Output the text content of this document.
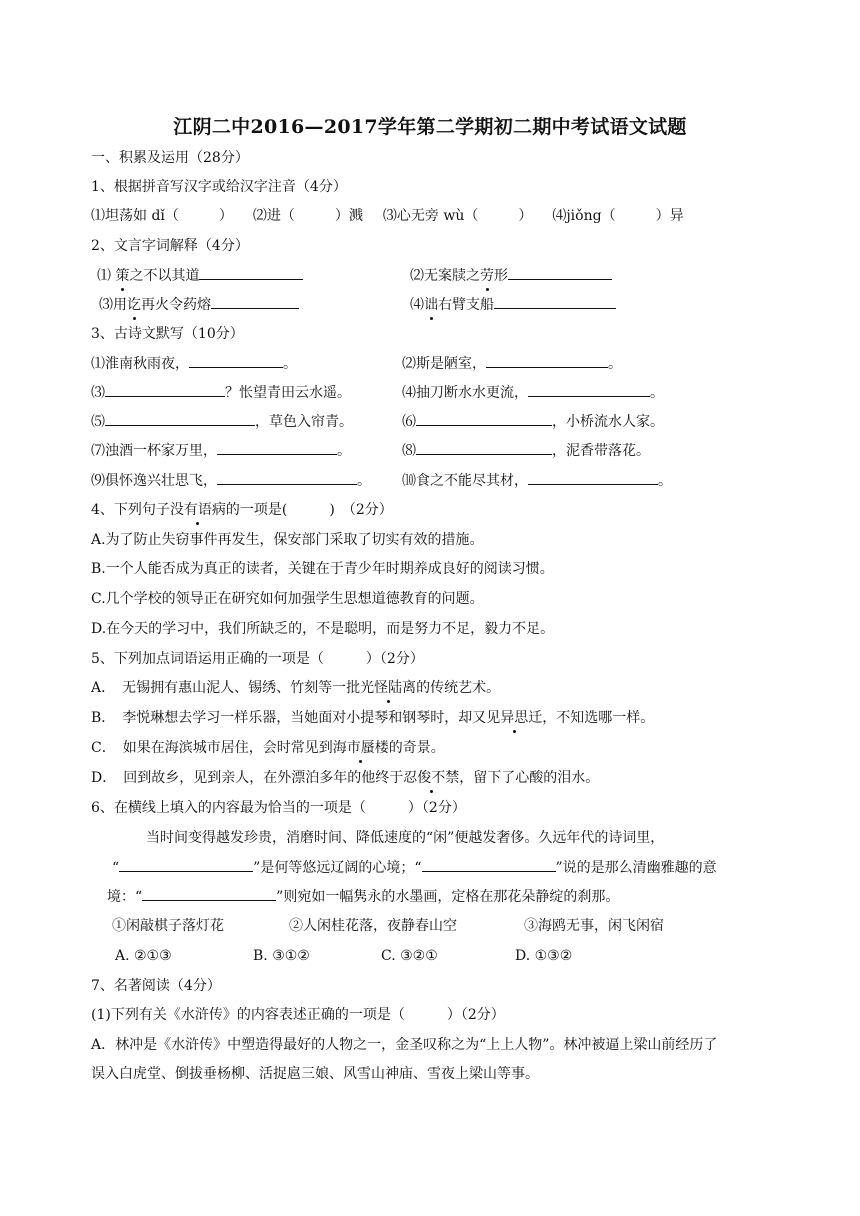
江阴二中2016—2017学年第二学期初二期中考试语文试题
一、积累及运用（28分）
1、根据拼音写汉字或给汉字注音（4分）
⑴坦荡如 dǐ（	） ⑵进（	）溅 ⑶心无旁 wù（	） ⑷jiǒng（	）异
2、文言字词解释（4分）
⑴ 策之不以其道	⑵无案牍之劳形
⑶用讫再火令药熔	⑷诎右臂支船
3、古诗文默写（10分）
⑴淮南秋雨夜，	。	⑵斯是陋室，	。
⑶	？怅望青田云水遥。	⑷抽刀断水水更流，	。
⑸	，草色入帘青。	⑹	，小桥流水人家。
⑺浊酒一杯家万里，	。	⑻	，泥香带落花。
⑼俱怀逸兴壮思飞，	。 ⑽食之不能尽其材，	。
4、下列句子没有语病的一项是(　　　)　（2分）
A.为了防止失窃事件再发生，保安部门采取了切实有效的措施。
B.一个人能否成为真正的读者，关键在于青少年时期养成良好的阅读习惯。
C.几个学校的领导正在研究如何加强学生思想道德教育的问题。
D.在今天的学习中，我们所缺乏的，不是聪明，而是努力不足，毅力不足。
5、下列加点词语运用正确的一项是（　　　）（2分）
A．　无锡拥有惠山泥人、锡绣、竹刻等一批光怪陆离的传统艺术。
B．　李悦琳想去学习一样乐器，当她面对小提琴和钢琴时，却又见异思迁，不知选哪一样。
C．　如果在海滨城市居住，会时常见到海市蜃楼的奇景。
D．　回到故乡，见到亲人，在外漂泊多年的他终于忍俊不禁，留下了心酸的泪水。
6、在横线上填入的内容最为恰当的一项是（　　　）（2分）
当时间变得越发珍贵，消磨时间、降低速度的“闲”便越发奢侈。久远年代的诗词里，
“	”是何等悠远辽阔的心境；“	”说的是那么清幽雅趣的意
境：“	”则宛如一幅隽永的水墨画，定格在那花朵静绽的刹那。
①闲敲棋子落灯花	②人闲桂花落，夜静春山空	③海鸥无事，闲飞闲宿
A. ②①③	B. ③①②	C. ③②①	D. ①③②
7、名著阅读（4分）
(1)下列有关《水浒传》的内容表述正确的一项是（　　　）（2分）
A．林冲是《水浒传》中塑造得最好的人物之一，金圣叹称之为“上上人物”。林冲被逼上梁山前经历了
误入白虎堂、倒拔垂杨柳、活捉扈三娘、风雪山神庙、雪夜上梁山等事。
